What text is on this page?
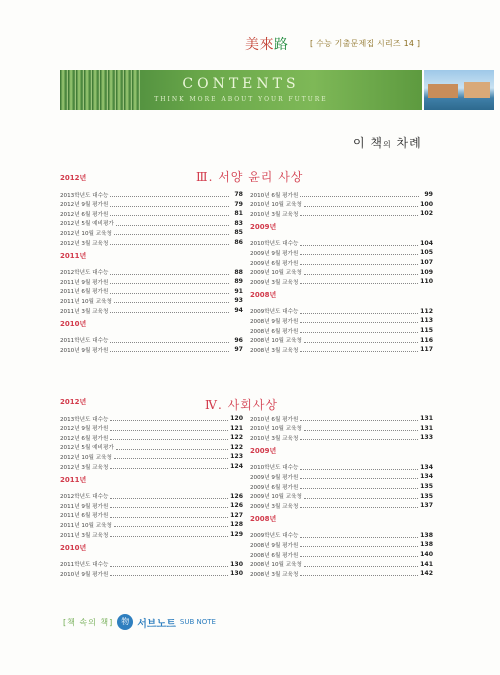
美來路	[ 수능 기출문제집 시리즈 14 ]
CONTENTS
THINK MORE ABOUT YOUR FUTURE
이 책의 차례
Ⅲ. 서양 윤리 사상
2012년
2013학년도 대수능	78
2012년 9월 평가원	79
2012년 6월 평가원	81
2012년 5월 예비평가	83
2012년 10월 교육청	85
2012년 3월 교육청	86
2011년
2012학년도 대수능	88
2011년 9월 평가원	89
2011년 6월 평가원	91
2011년 10월 교육청	93
2011년 3월 교육청	94
2010년
2011학년도 대수능	96
2010년 9월 평가원	97
2010년 6월 평가원	99
2010년 10월 교육청	100
2010년 3월 교육청	102
2009년
2010학년도 대수능	104
2009년 9월 평가원	105
2009년 6월 평가원	107
2009년 10월 교육청	109
2009년 3월 교육청	110
2008년
2009학년도 대수능	112
2008년 9월 평가원	113
2008년 6월 평가원	115
2008년 10월 교육청	116
2008년 3월 교육청	117
Ⅳ. 사회사상
2012년
2013학년도 대수능	120
2012년 9월 평가원	121
2012년 6월 평가원	122
2012년 5월 예비평가	122
2012년 10월 교육청	123
2012년 3월 교육청	124
2011년
2012학년도 대수능	126
2011년 9월 평가원	126
2011년 6월 평가원	127
2011년 10월 교육청	128
2011년 3월 교육청	129
2010년
2011학년도 대수능	130
2010년 9월 평가원	130
2010년 6월 평가원	131
2010년 10월 교육청	131
2010년 3월 교육청	133
2009년
2010학년도 대수능	134
2009년 9월 평가원	134
2009년 6월 평가원	135
2009년 10월 교육청	135
2009년 3월 교육청	137
2008년
2009학년도 대수능	138
2008년 9월 평가원	138
2008년 6월 평가원	140
2008년 10월 교육청	141
2008년 3월 교육청	142
[책 속의 책]	物 서브노트 SUB NOTE
